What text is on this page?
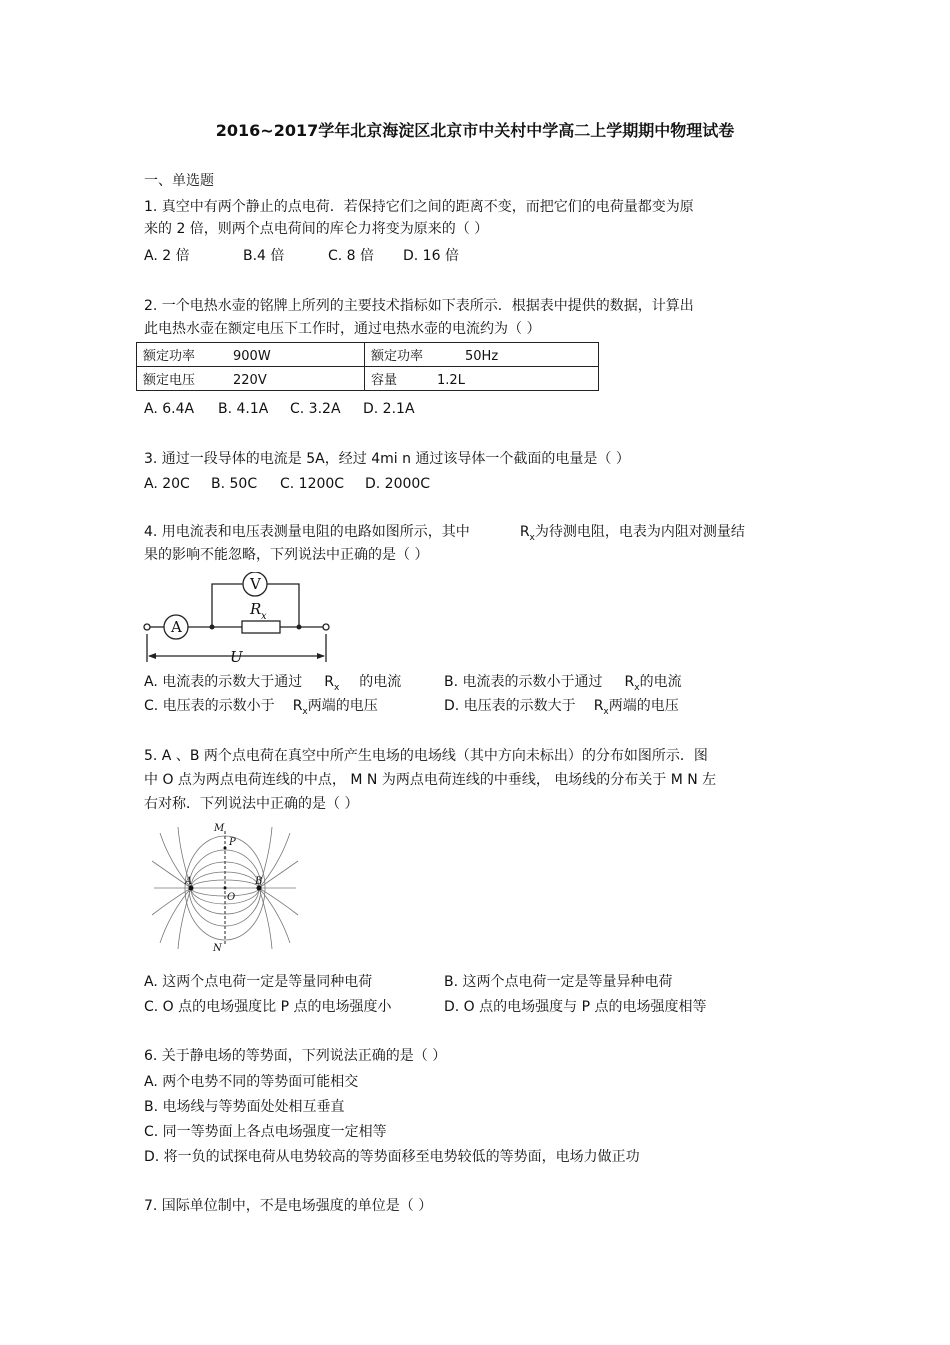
2016~2017学年北京海淀区北京市中关村中学高二上学期期中物理试卷
一、单选题
1. 真空中有两个静止的点电荷．若保持它们之间的距离不变，而把它们的电荷量都变为原
来的 2 倍，则两个点电荷间的库仑力将变为原来的（ ）
A. 2 倍	B.4 倍	C. 8 倍 D. 16 倍
2. 一个电热水壶的铭牌上所列的主要技术指标如下表所示．根据表中提供的数据，计算出
此电热水壶在额定电压下工作时，通过电热水壶的电流约为（ ）
额定功率 900W	额定功率 50Hz
额定电压 220V	容量 1.2L
A. 6.4A B. 4.1A C. 3.2A D. 2.1A
3. 通过一段导体的电流是 5A，经过 4mi n 通过该导体一个截面的电量是（ ）
A. 20C B. 50C C. 1200C D. 2000C
4. 用电流表和电压表测量电阻的电路如图所示，其中	$R_x$为待测电阻，电表为内阻对测量结
果的影响不能忽略，下列说法中正确的是（ ）
A
V
R x
U
A. 电流表的示数大于通过 $R_x$ 的电流	B. 电流表的示数小于通过 $R_x$的电流
C. 电压表的示数小于 $R_x$两端的电压	D. 电压表的示数大于 $R_x$两端的电压
5. A 、B 两个点电荷在真空中所产生电场的电场线（其中方向未标出）的分布如图所示．图
中 O 点为两点电荷连线的中点， M N 为两点电荷连线的中垂线， 电场线的分布关于 M N 左
右对称．下列说法中正确的是（ ）
M
P
O
A	B
N
A. 这两个点电荷一定是等量同种电荷	B. 这两个点电荷一定是等量异种电荷
C. O 点的电场强度比 P 点的电场强度小	D. O 点的电场强度与 P 点的电场强度相等
6. 关于静电场的等势面，下列说法正确的是（ ）
A. 两个电势不同的等势面可能相交
B. 电场线与等势面处处相互垂直
C. 同一等势面上各点电场强度一定相等
D. 将一负的试探电荷从电势较高的等势面移至电势较低的等势面，电场力做正功
7. 国际单位制中，不是电场强度的单位是（ ）
